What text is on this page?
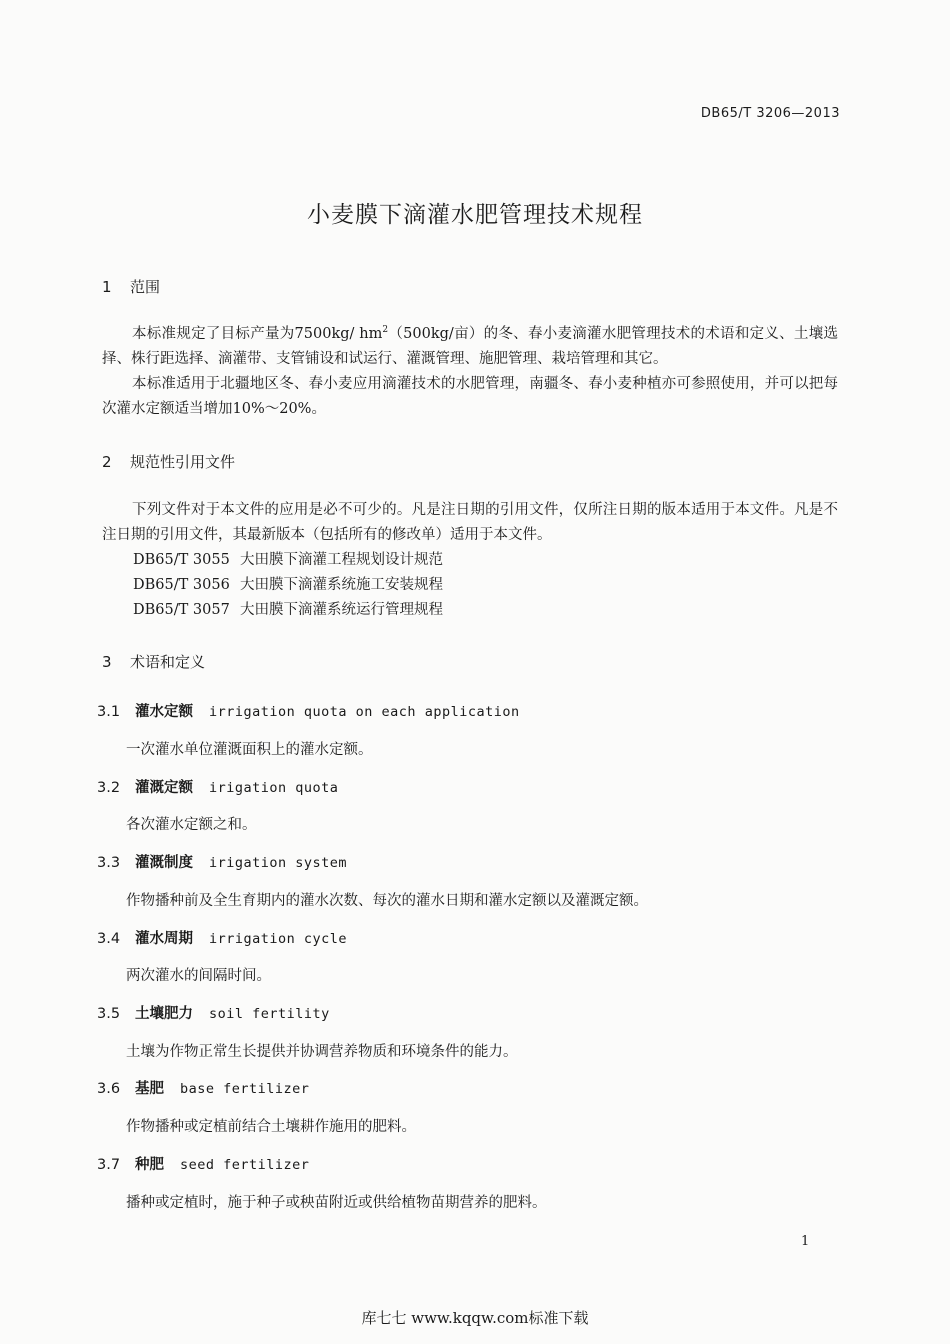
DB65/T 3206—2013
小麦膜下滴灌水肥管理技术规程
1 范围
本标准规定了目标产量为7500kg/ $hm^2(500kg/$亩）的冬、春小麦滴灌水肥管理技术的术语和定义、土壤选择、株行距选择、滴灌带、支管铺设和试运行、灌溉管理、施肥管理、栽培管理和其它。
本标准适用于北疆地区冬、春小麦应用滴灌技术的水肥管理，南疆冬、春小麦种植亦可参照使用，并可以把每次灌水定额适当增加10%～20%。
2 规范性引用文件
下列文件对于本文件的应用是必不可少的。凡是注日期的引用文件，仅所注日期的版本适用于本文件。凡是不注日期的引用文件，其最新版本（包括所有的修改单）适用于本文件。
DB65/T 3055 大田膜下滴灌工程规划设计规范
DB65/T 3056 大田膜下滴灌系统施工安装规程
DB65/T 3057 大田膜下滴灌系统运行管理规程
3 术语和定义
3.1 灌水定额 irrigation quota on each application
一次灌水单位灌溉面积上的灌水定额。
3.2 灌溉定额 irigation quota
各次灌水定额之和。
3.3 灌溉制度 irigation system
作物播种前及全生育期内的灌水次数、每次的灌水日期和灌水定额以及灌溉定额。
3.4 灌水周期 irrigation cycle
两次灌水的间隔时间。
3.5 土壤肥力 soil fertility
土壤为作物正常生长提供并协调营养物质和环境条件的能力。
3.6 基肥 base fertilizer
作物播种或定植前结合土壤耕作施用的肥料。
3.7 种肥 seed fertilizer
播种或定植时，施于种子或秧苗附近或供给植物苗期营养的肥料。
1
库七七 www.kqqw.com标准下载
